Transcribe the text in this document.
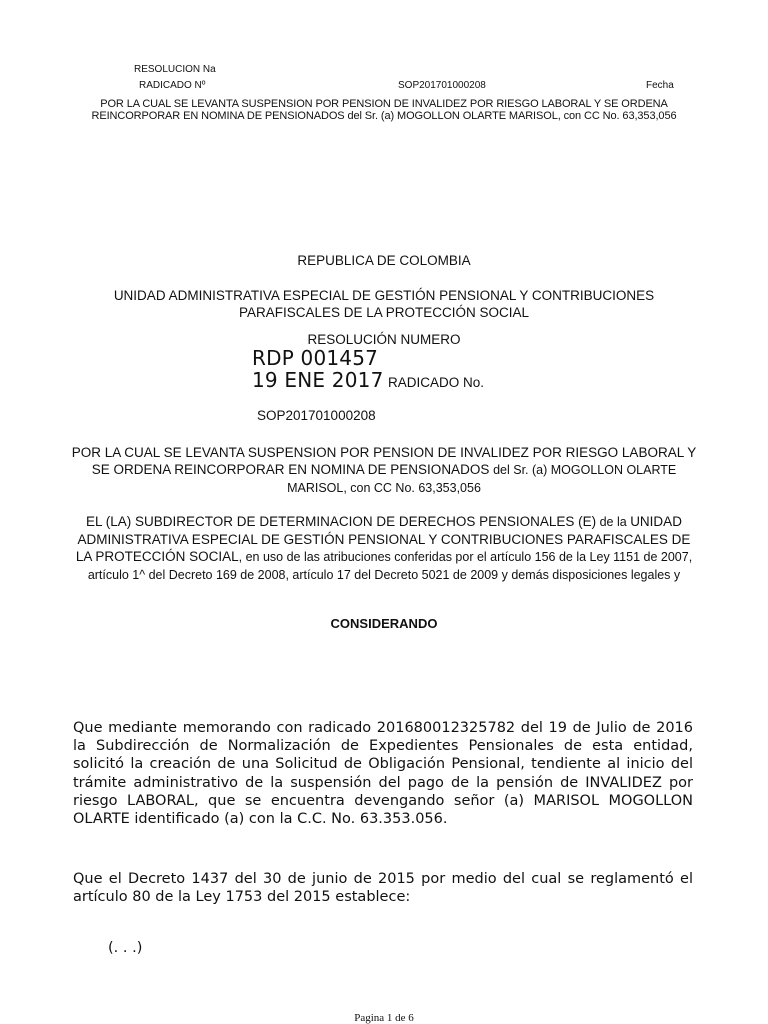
RESOLUCION Na
RADICADO Nº	SOP201701000208	Fecha
POR LA CUAL SE LEVANTA SUSPENSION POR PENSION DE INVALIDEZ POR RIESGO LABORAL Y SE ORDENA REINCORPORAR EN NOMINA DE PENSIONADOS del Sr. (a) MOGOLLON OLARTE MARISOL, con CC No. 63,353,056
REPUBLICA DE COLOMBIA
UNIDAD ADMINISTRATIVA ESPECIAL DE GESTIÓN PENSIONAL Y CONTRIBUCIONES
PARAFISCALES DE LA PROTECCIÓN SOCIAL
RESOLUCIÓN NUMERO
RDP 001457
19 ENE 2017 RADICADO No.
SOP201701000208
POR LA CUAL SE LEVANTA SUSPENSION POR PENSION DE INVALIDEZ POR RIESGO LABORAL Y SE ORDENA REINCORPORAR EN NOMINA DE PENSIONADOS del Sr. (a) MOGOLLON OLARTE MARISOL, con CC No. 63,353,056
EL (LA) SUBDIRECTOR DE DETERMINACION DE DERECHOS PENSIONALES (E) de la UNIDAD ADMINISTRATIVA ESPECIAL DE GESTIÓN PENSIONAL Y CONTRIBUCIONES PARAFISCALES DE LA PROTECCIÓN SOCIAL, en uso de las atribuciones conferidas por el artículo 156 de la Ley 1151 de 2007, artículo 1^ del Decreto 169 de 2008, artículo 17 del Decreto 5021 de 2009 y demás disposiciones legales y
CONSIDERANDO
Que mediante memorando con radicado 201680012325782 del 19 de Julio de 2016 la Subdirección de Normalización de Expedientes Pensionales de esta entidad, solicitó la creación de una Solicitud de Obligación Pensional, tendiente al inicio del trámite administrativo de la suspensión del pago de la pensión de INVALIDEZ por riesgo LABORAL, que se encuentra devengando señor (a) MARISOL MOGOLLON OLARTE identificado (a) con la C.C. No. 63.353.056.
Que el Decreto 1437 del 30 de junio de 2015 por medio del cual se reglamentó el artículo 80 de la Ley 1753 del 2015 establece:
(. . .)
Pagina 1 de 6
